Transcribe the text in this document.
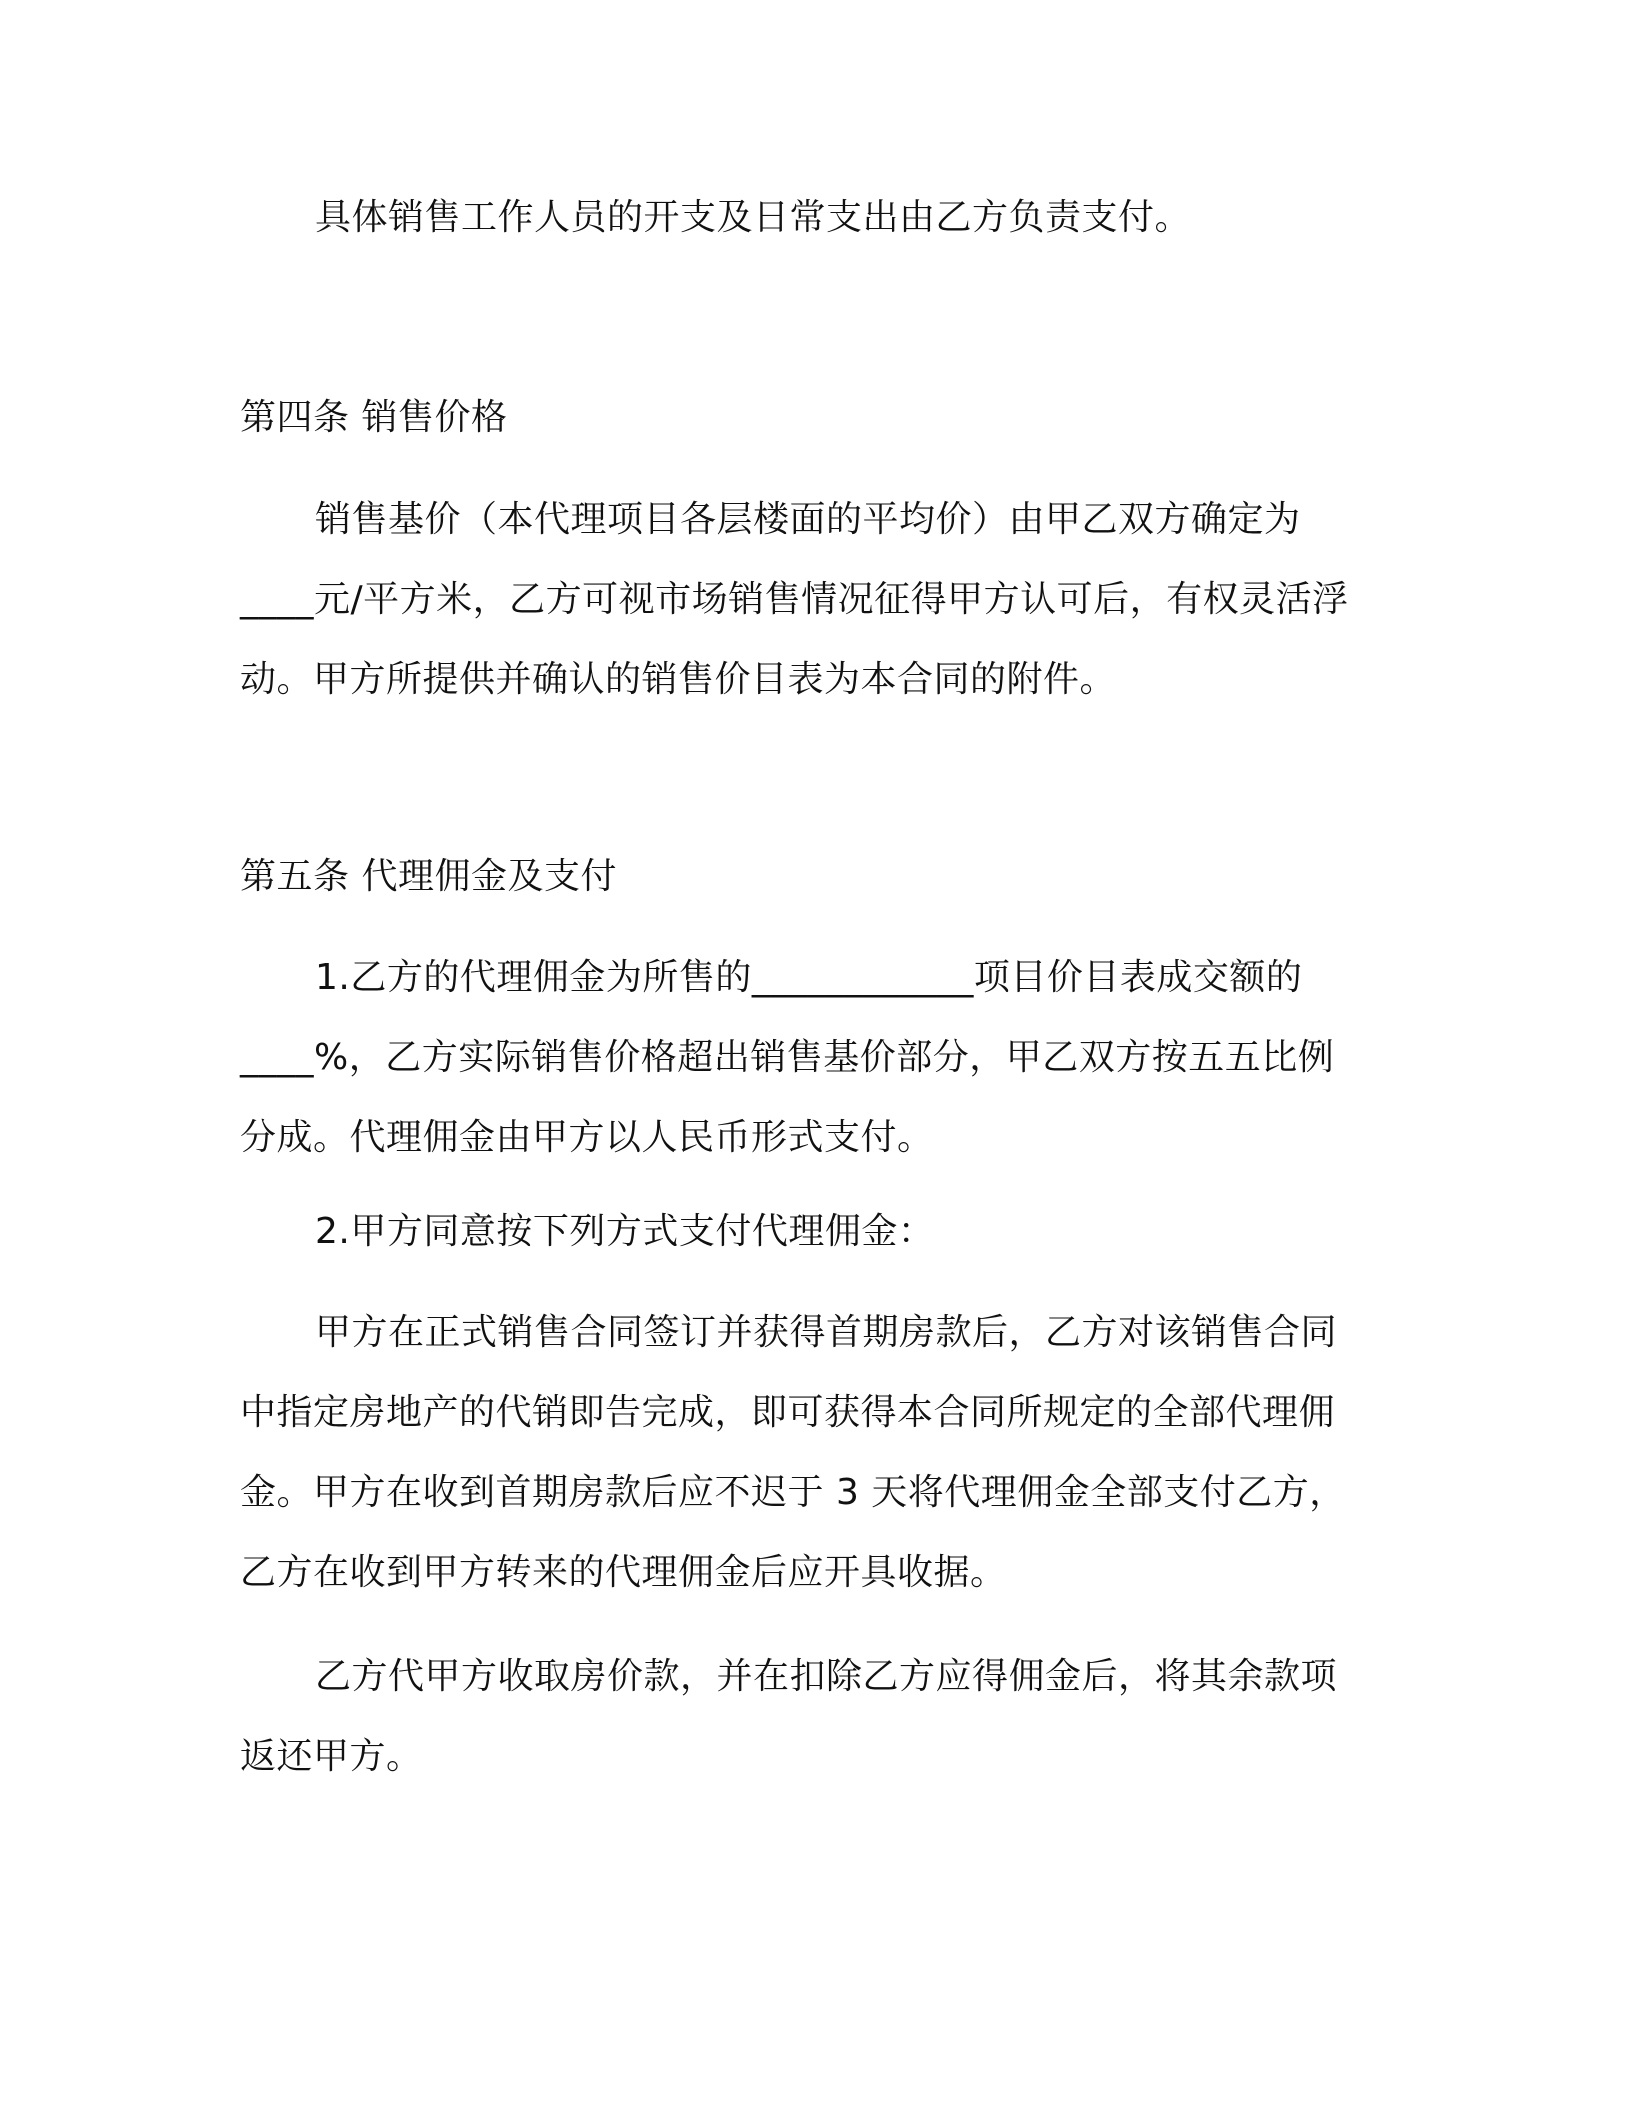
具体销售工作人员的开支及日常支出由乙方负责支付。

第四条 销售价格

销售基价（本代理项目各层楼面的平均价）由甲乙双方确定为

____元/平方米，乙方可视市场销售情况征得甲方认可后，有权灵活浮

动。甲方所提供并确认的销售价目表为本合同的附件。

第五条 代理佣金及支付

1.乙方的代理佣金为所售的____________项目价目表成交额的

____%，乙方实际销售价格超出销售基价部分，甲乙双方按五五比例

分成。代理佣金由甲方以人民币形式支付。

2.甲方同意按下列方式支付代理佣金：

甲方在正式销售合同签订并获得首期房款后，乙方对该销售合同

中指定房地产的代销即告完成，即可获得本合同所规定的全部代理佣

金。甲方在收到首期房款后应不迟于 3 天将代理佣金全部支付乙方，

乙方在收到甲方转来的代理佣金后应开具收据。

乙方代甲方收取房价款，并在扣除乙方应得佣金后，将其余款项

返还甲方。
